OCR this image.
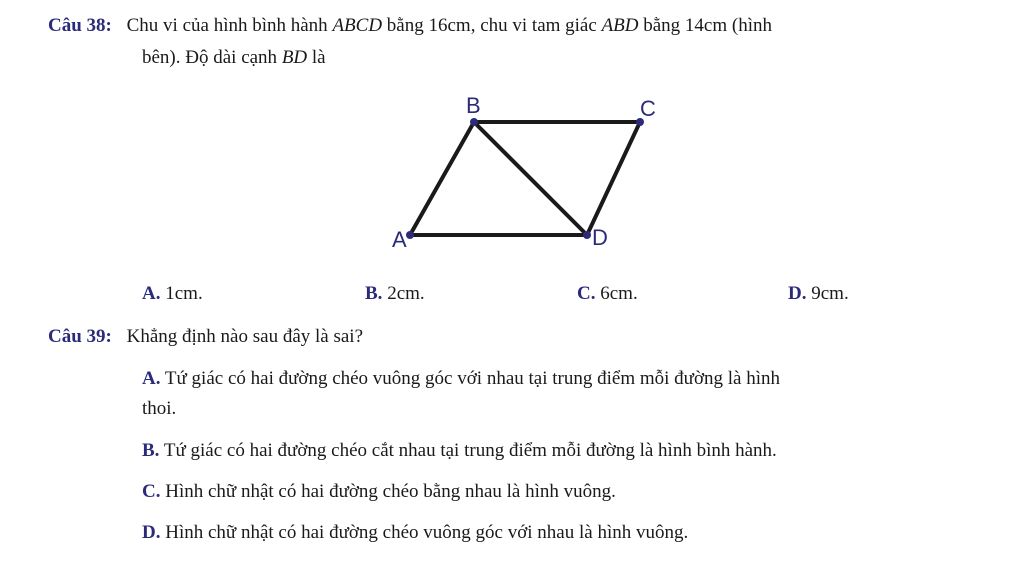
Câu 38: Chu vi của hình bình hành ABCD bằng 16cm, chu vi tam giác ABD bằng 14cm (hình
bên). Độ dài cạnh BD là
A
B	C
D
A. 1cm.	B. 2cm.	C. 6cm.	D. 9cm.
Câu 39: Khẳng định nào sau đây là sai?
A. Tứ giác có hai đường chéo vuông góc với nhau tại trung điểm mỗi đường là hình
thoi.
B. Tứ giác có hai đường chéo cắt nhau tại trung điểm mỗi đường là hình bình hành.
C. Hình chữ nhật có hai đường chéo bằng nhau là hình vuông.
D. Hình chữ nhật có hai đường chéo vuông góc với nhau là hình vuông.
